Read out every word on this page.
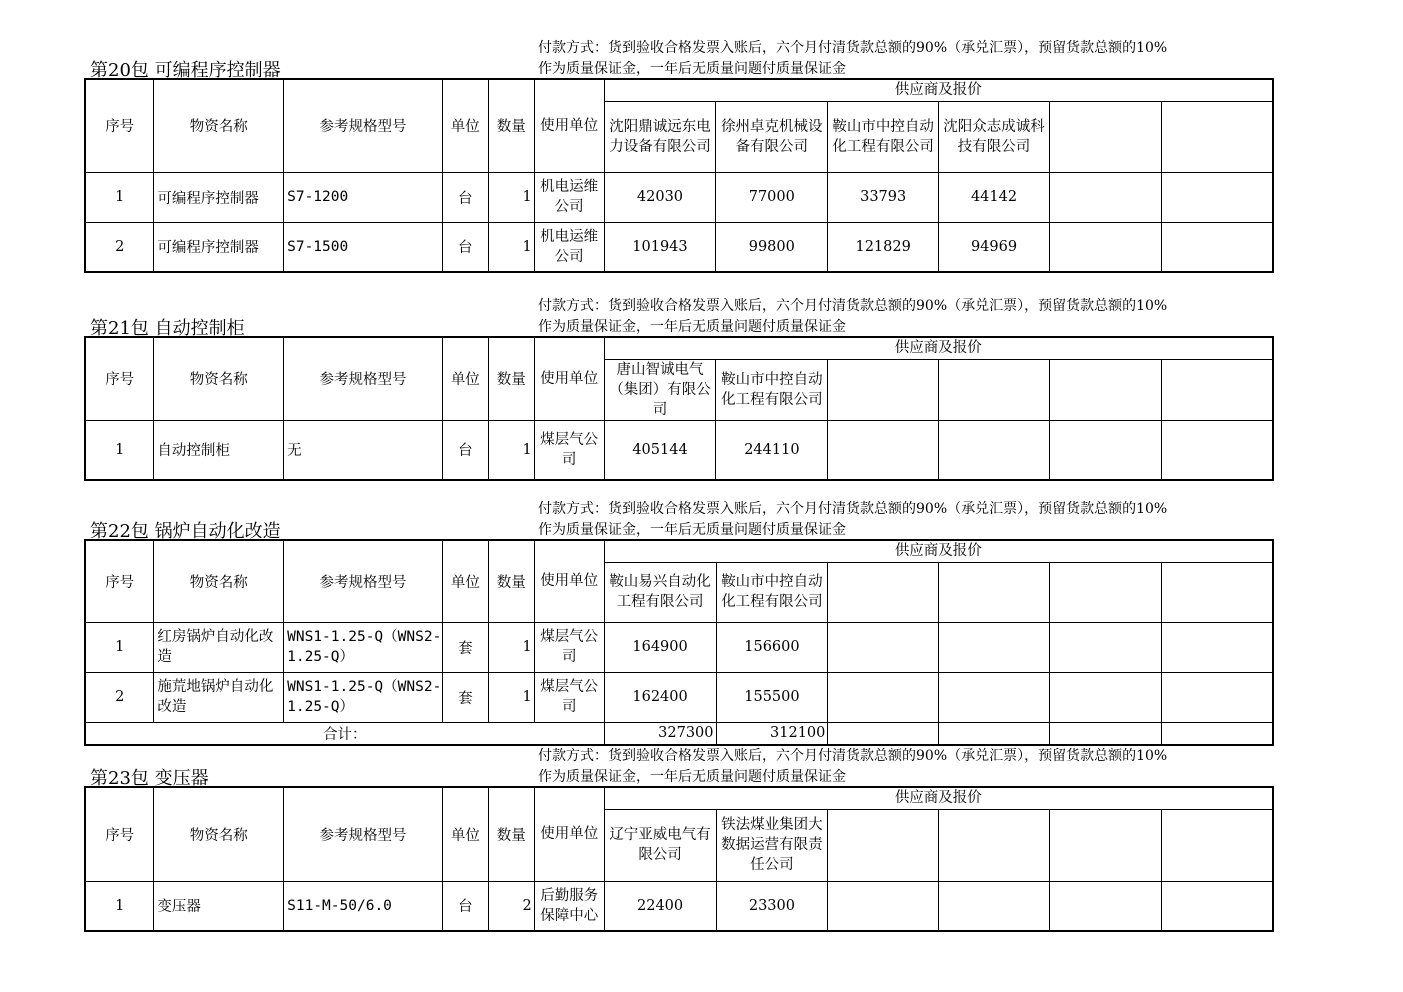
第20包 可编程序控制器
付款方式：货到验收合格发票入账后，六个月付清货款总额的90%（承兑汇票），预留货款总额的10%
作为质量保证金，一年后无质量问题付质量保证金
序号	物资名称	参考规格型号	单位	数量	使用单位	供应商及报价					
						沈阳鼎诚远东电力设备有限公司	徐州卓克机械设备有限公司	鞍山市中控自动化工程有限公司	沈阳众志成诚科技有限公司		
1	可编程序控制器	S7-1200	台	1	机电运维公司	42030	77000	33793	44142		
2	可编程序控制器	S7-1500	台	1	机电运维公司	101943	99800	121829	94969		
第21包 自动控制柜
付款方式：货到验收合格发票入账后，六个月付清货款总额的90%（承兑汇票），预留货款总额的10%
作为质量保证金，一年后无质量问题付质量保证金
序号	物资名称	参考规格型号	单位	数量	使用单位	供应商及报价					
						唐山智诚电气（集团）有限公司	鞍山市中控自动化工程有限公司				
1	自动控制柜	无	台	1	煤层气公司	405144	244110				
第22包 锅炉自动化改造
付款方式：货到验收合格发票入账后，六个月付清货款总额的90%（承兑汇票），预留货款总额的10%
作为质量保证金，一年后无质量问题付质量保证金
序号	物资名称	参考规格型号	单位	数量	使用单位	供应商及报价					
						鞍山易兴自动化工程有限公司	鞍山市中控自动化工程有限公司				
1	红房锅炉自动化改造	WNS1-1.25-Q（WNS2-1.25-Q）	套	1	煤层气公司	164900	156600				
2	施荒地锅炉自动化改造	WNS1-1.25-Q（WNS2-1.25-Q）	套	1	煤层气公司	162400	155500				
合计：						327300	312100				
第23包 变压器
付款方式：货到验收合格发票入账后，六个月付清货款总额的90%（承兑汇票），预留货款总额的10%
作为质量保证金，一年后无质量问题付质量保证金
序号	物资名称	参考规格型号	单位	数量	使用单位	供应商及报价					
						辽宁亚威电气有限公司	铁法煤业集团大数据运营有限责任公司				
1	变压器	S11-M-50/6.0	台	2	后勤服务保障中心	22400	23300				
